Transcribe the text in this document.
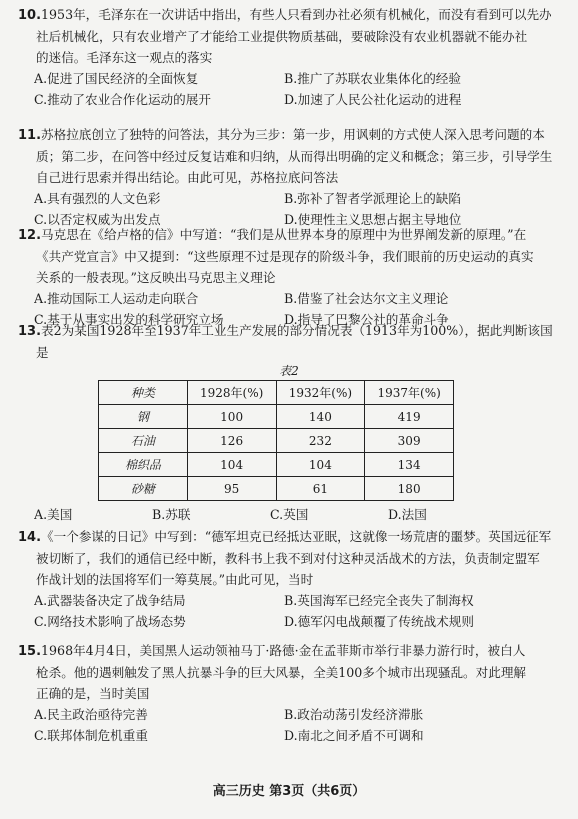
10.1953年，毛泽东在一次讲话中指出，有些人只看到办社必须有机械化，而没有看到可以先办
社后机械化，只有农业增产了才能给工业提供物质基础，要破除没有农业机器就不能办社
的迷信。毛泽东这一观点的落实
A.促进了国民经济的全面恢复	B.推广了苏联农业集体化的经验
C.推动了农业合作化运动的展开	D.加速了人民公社化运动的进程
11.苏格拉底创立了独特的问答法，其分为三步：第一步，用讽刺的方式使人深入思考问题的本
质；第二步，在问答中经过反复诘难和归纳，从而得出明确的定义和概念；第三步，引导学生
自己进行思索并得出结论。由此可见，苏格拉底问答法
A.具有强烈的人文色彩	B.弥补了智者学派理论上的缺陷
C.以否定权威为出发点	D.使理性主义思想占据主导地位
12.马克思在《给卢格的信》中写道：“我们是从世界本身的原理中为世界阐发新的原理。”在
《共产党宣言》中又提到：“这些原理不过是现存的阶级斗争，我们眼前的历史运动的真实
关系的一般表现。”这反映出马克思主义理论
A.推动国际工人运动走向联合	B.借鉴了社会达尔文主义理论
C.基于从事实出发的科学研究立场	D.指导了巴黎公社的革命斗争
13.表2为某国1928年至1937年工业生产发展的部分情况表（1913年为100%），据此判断该国
是
表2
种类	1928年(%)	1932年(%)	1937年(%)
钢	100	140	419
石油	126	232	309
棉织品	104	104	134
砂糖	95	61	180
A.美国	B.苏联	C.英国	D.法国
14.《一个参谋的日记》中写到：“德军坦克已经抵达亚眠，这就像一场荒唐的噩梦。英国远征军
被切断了，我们的通信已经中断，教科书上我不到对付这种灵活战术的方法，负责制定盟军
作战计划的法国将军们一筹莫展。”由此可见，当时
A.武器装备决定了战争结局	B.英国海军已经完全丧失了制海权
C.网络技术影响了战场态势	D.德军闪电战颠覆了传统战术规则
15.1968年4月4日，美国黑人运动领袖马丁·路德·金在孟菲斯市举行非暴力游行时，被白人
枪杀。他的遇刺触发了黑人抗暴斗争的巨大风暴，全美100多个城市出现骚乱。对此理解
正确的是，当时美国
A.民主政治亟待完善	B.政治动荡引发经济滞胀
C.联邦体制危机重重	D.南北之间矛盾不可调和
高三历史 第3页（共6页）
